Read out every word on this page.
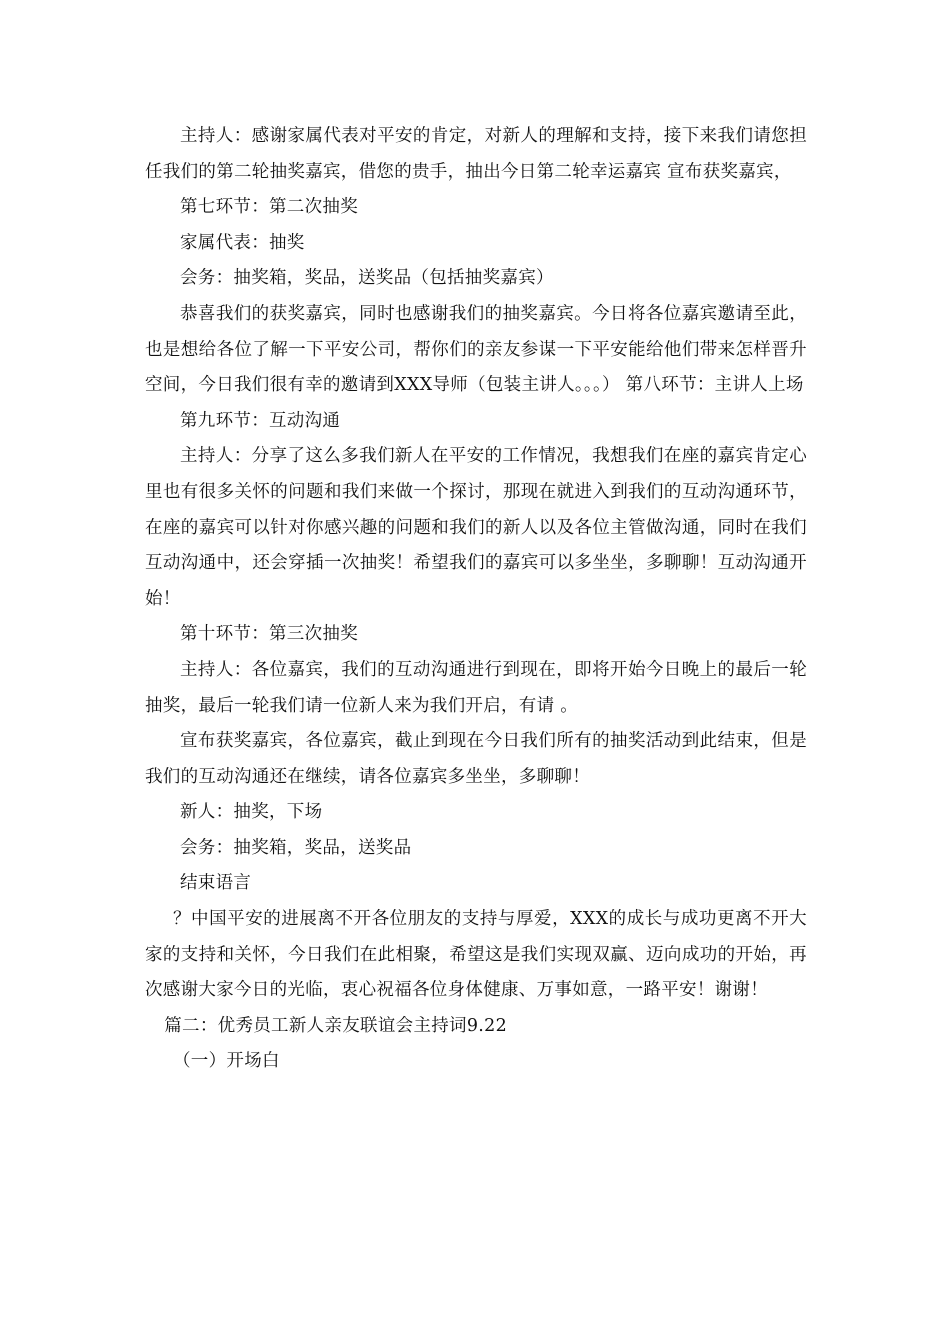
主持人：感谢家属代表对平安的肯定，对新人的理解和支持，接下来我们请您担任我们的第二轮抽奖嘉宾，借您的贵手，抽出今日第二轮幸运嘉宾 宣布获奖嘉宾，

第七环节：第二次抽奖

家属代表：抽奖

会务：抽奖箱，奖品，送奖品（包括抽奖嘉宾）

恭喜我们的获奖嘉宾，同时也感谢我们的抽奖嘉宾。今日将各位嘉宾邀请至此，也是想给各位了解一下平安公司，帮你们的亲友参谋一下平安能给他们带来怎样晋升空间，今日我们很有幸的邀请到XXX导师（包装主讲人。。。） 第八环节：主讲人上场

第九环节：互动沟通

主持人：分享了这么多我们新人在平安的工作情况，我想我们在座的嘉宾肯定心里也有很多关怀的问题和我们来做一个探讨，那现在就进入到我们的互动沟通环节，在座的嘉宾可以针对你感兴趣的问题和我们的新人以及各位主管做沟通，同时在我们互动沟通中，还会穿插一次抽奖！希望我们的嘉宾可以多坐坐，多聊聊！互动沟通开始！

第十环节：第三次抽奖

主持人：各位嘉宾，我们的互动沟通进行到现在，即将开始今日晚上的最后一轮抽奖，最后一轮我们请一位新人来为我们开启，有请 。

宣布获奖嘉宾，各位嘉宾，截止到现在今日我们所有的抽奖活动到此结束，但是我们的互动沟通还在继续，请各位嘉宾多坐坐，多聊聊！

新人：抽奖，下场

会务：抽奖箱，奖品，送奖品

结束语言

？中国平安的进展离不开各位朋友的支持与厚爱，XXX的成长与成功更离不开大家的支持和关怀，今日我们在此相聚，希望这是我们实现双赢、迈向成功的开始，再次感谢大家今日的光临，衷心祝福各位身体健康、万事如意，一路平安！谢谢！

篇二：优秀员工新人亲友联谊会主持词9.22

（一）开场白
